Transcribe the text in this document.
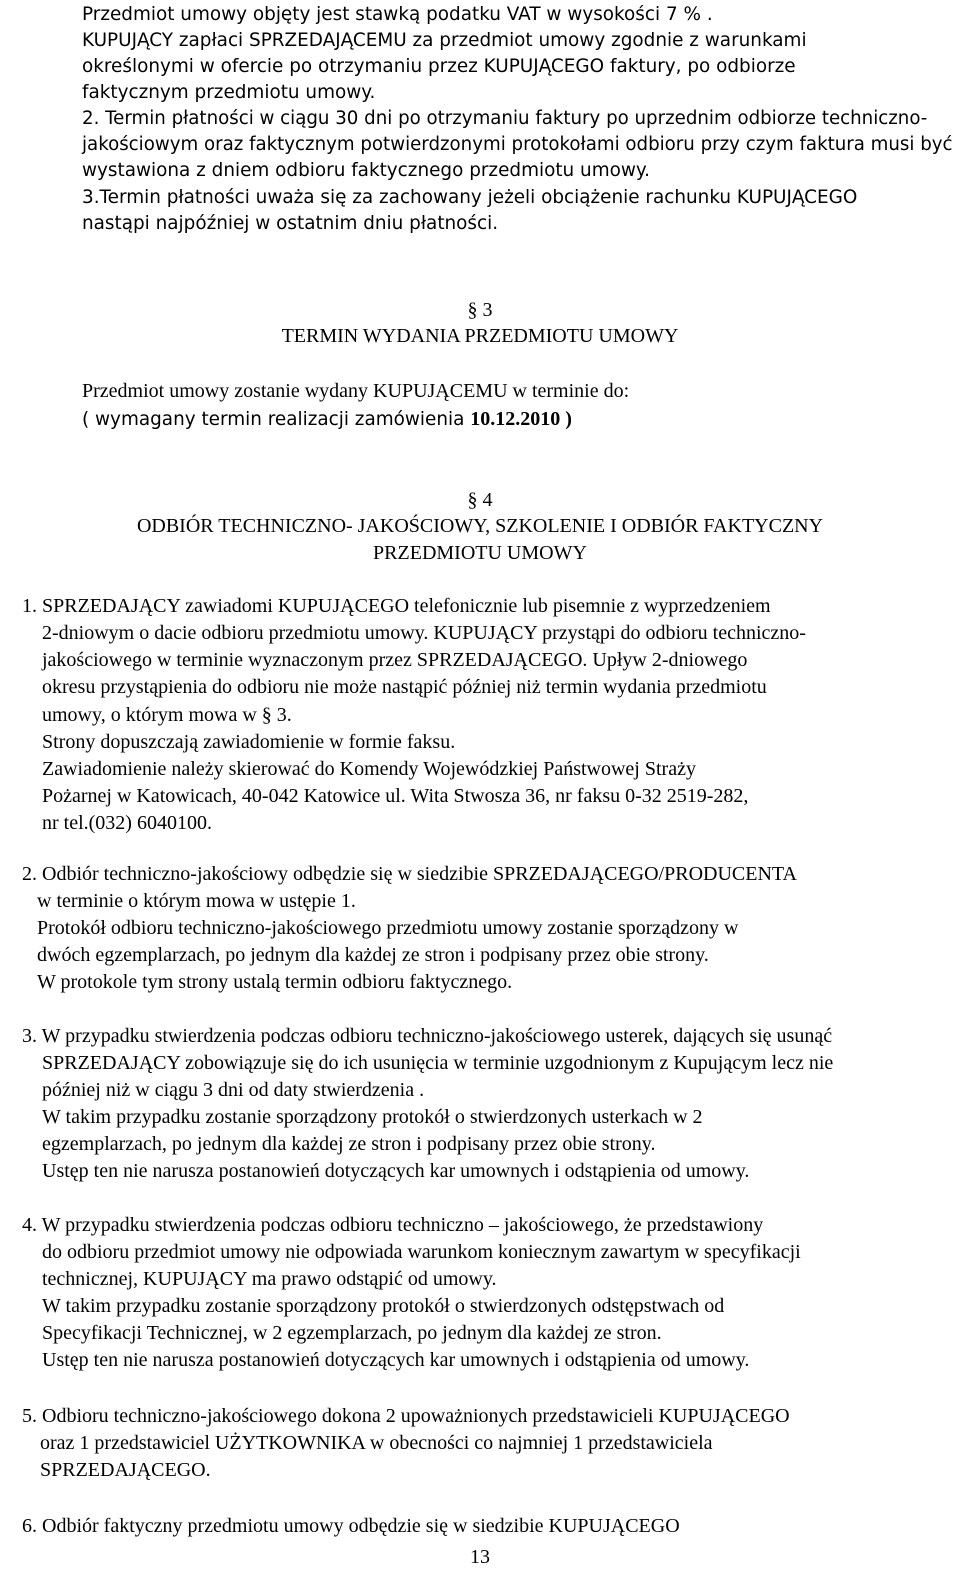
Przedmiot umowy objęty jest stawką podatku VAT w wysokości 7 % .
KUPUJĄCY zapłaci SPRZEDAJĄCEMU za przedmiot umowy zgodnie z warunkami
określonymi w ofercie po otrzymaniu przez KUPUJĄCEGO faktury, po odbiorze
faktycznym przedmiotu umowy.
2. Termin płatności w ciągu 30 dni po otrzymaniu faktury po uprzednim odbiorze techniczno-
jakościowym oraz faktycznym potwierdzonymi protokołami odbioru przy czym faktura musi być
wystawiona z dniem odbioru faktycznego przedmiotu umowy.
3.Termin płatności uważa się za zachowany jeżeli obciążenie rachunku KUPUJĄCEGO
nastąpi najpóźniej w ostatnim dniu płatności.
§ 3
TERMIN WYDANIA PRZEDMIOTU UMOWY
Przedmiot umowy zostanie wydany KUPUJĄCEMU w terminie do:
( wymagany termin realizacji zamówienia 10.12.2010 )
§ 4
ODBIÓR TECHNICZNO- JAKOŚCIOWY, SZKOLENIE I ODBIÓR FAKTYCZNY
PRZEDMIOTU UMOWY
1. SPRZEDAJĄCY zawiadomi KUPUJĄCEGO telefonicznie lub pisemnie z wyprzedzeniem
2-dniowym o dacie odbioru przedmiotu umowy. KUPUJĄCY przystąpi do odbioru techniczno-
jakościowego w terminie wyznaczonym przez SPRZEDAJĄCEGO. Upływ 2-dniowego
okresu przystąpienia do odbioru nie może nastąpić później niż termin wydania przedmiotu
umowy, o którym mowa w § 3.
Strony dopuszczają zawiadomienie w formie faksu.
Zawiadomienie należy skierować do Komendy Wojewódzkiej Państwowej Straży
Pożarnej w Katowicach, 40-042 Katowice ul. Wita Stwosza 36, nr faksu 0-32 2519-282,
nr tel.(032) 6040100.
2. Odbiór techniczno-jakościowy odbędzie się w siedzibie SPRZEDAJĄCEGO/PRODUCENTA
w terminie o którym mowa w ustępie 1.
Protokół odbioru techniczno-jakościowego przedmiotu umowy zostanie sporządzony w
dwóch egzemplarzach, po jednym dla każdej ze stron i podpisany przez obie strony.
W protokole tym strony ustalą termin odbioru faktycznego.
3. W przypadku stwierdzenia podczas odbioru techniczno-jakościowego usterek, dających się usunąć
SPRZEDAJĄCY zobowiązuje się do ich usunięcia w terminie uzgodnionym z Kupującym lecz nie
później niż w ciągu 3 dni od daty stwierdzenia .
W takim przypadku zostanie sporządzony protokół o stwierdzonych usterkach w 2
egzemplarzach, po jednym dla każdej ze stron i podpisany przez obie strony.
Ustęp ten nie narusza postanowień dotyczących kar umownych i odstąpienia od umowy.
4. W przypadku stwierdzenia podczas odbioru techniczno – jakościowego, że przedstawiony
do odbioru przedmiot umowy nie odpowiada warunkom koniecznym zawartym w specyfikacji
technicznej, KUPUJĄCY ma prawo odstąpić od umowy.
W takim przypadku zostanie sporządzony protokół o stwierdzonych odstępstwach od
Specyfikacji Technicznej, w 2 egzemplarzach, po jednym dla każdej ze stron.
Ustęp ten nie narusza postanowień dotyczących kar umownych i odstąpienia od umowy.
5. Odbioru techniczno-jakościowego dokona 2 upoważnionych przedstawicieli KUPUJĄCEGO
oraz 1 przedstawiciel UŻYTKOWNIKA w obecności co najmniej 1 przedstawiciela
SPRZEDAJĄCEGO.
6. Odbiór faktyczny przedmiotu umowy odbędzie się w siedzibie KUPUJĄCEGO
13
